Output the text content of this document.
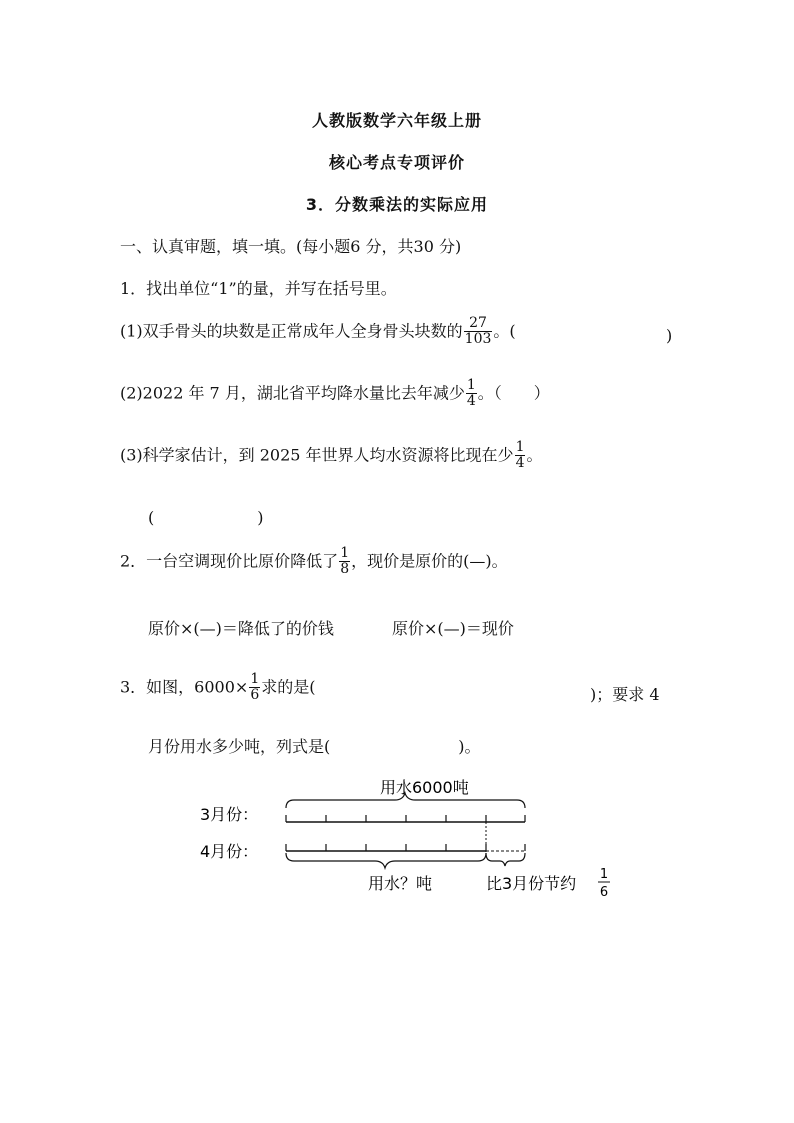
人教版数学六年级上册
核心考点专项评价
3．分数乘法的实际应用
一、认真审题，填一填。(每小题6 分，共30 分)
1．找出单位“1”的量，并写在括号里。
(1)双手骨头的块数是正常成年人全身骨头块数的 $\frac{27}{103}$ 。(	)
(2)2022 年 7 月，湖北省平均降水量比去年减少 $\frac{1}{4}$ 。（　　）
(3)科学家估计，到 2025 年世界人均水资源将比现在少 $\frac{1}{4}$ 。
(　　　　　　)
2．一台空调现价比原价降低了 $\frac{1}{8}$ ，现价是原价的(—)。
原价×(—)＝降低了的价钱	原价×(—)＝现价
3．如图，$6000\times \frac{1}{6}$ 求的是(	)；要求 4
月份用水多少吨，列式是(　　　　　　　　)。
用水6000吨
3月份：
4月份：
用水？吨	比3月份节约 1
6
